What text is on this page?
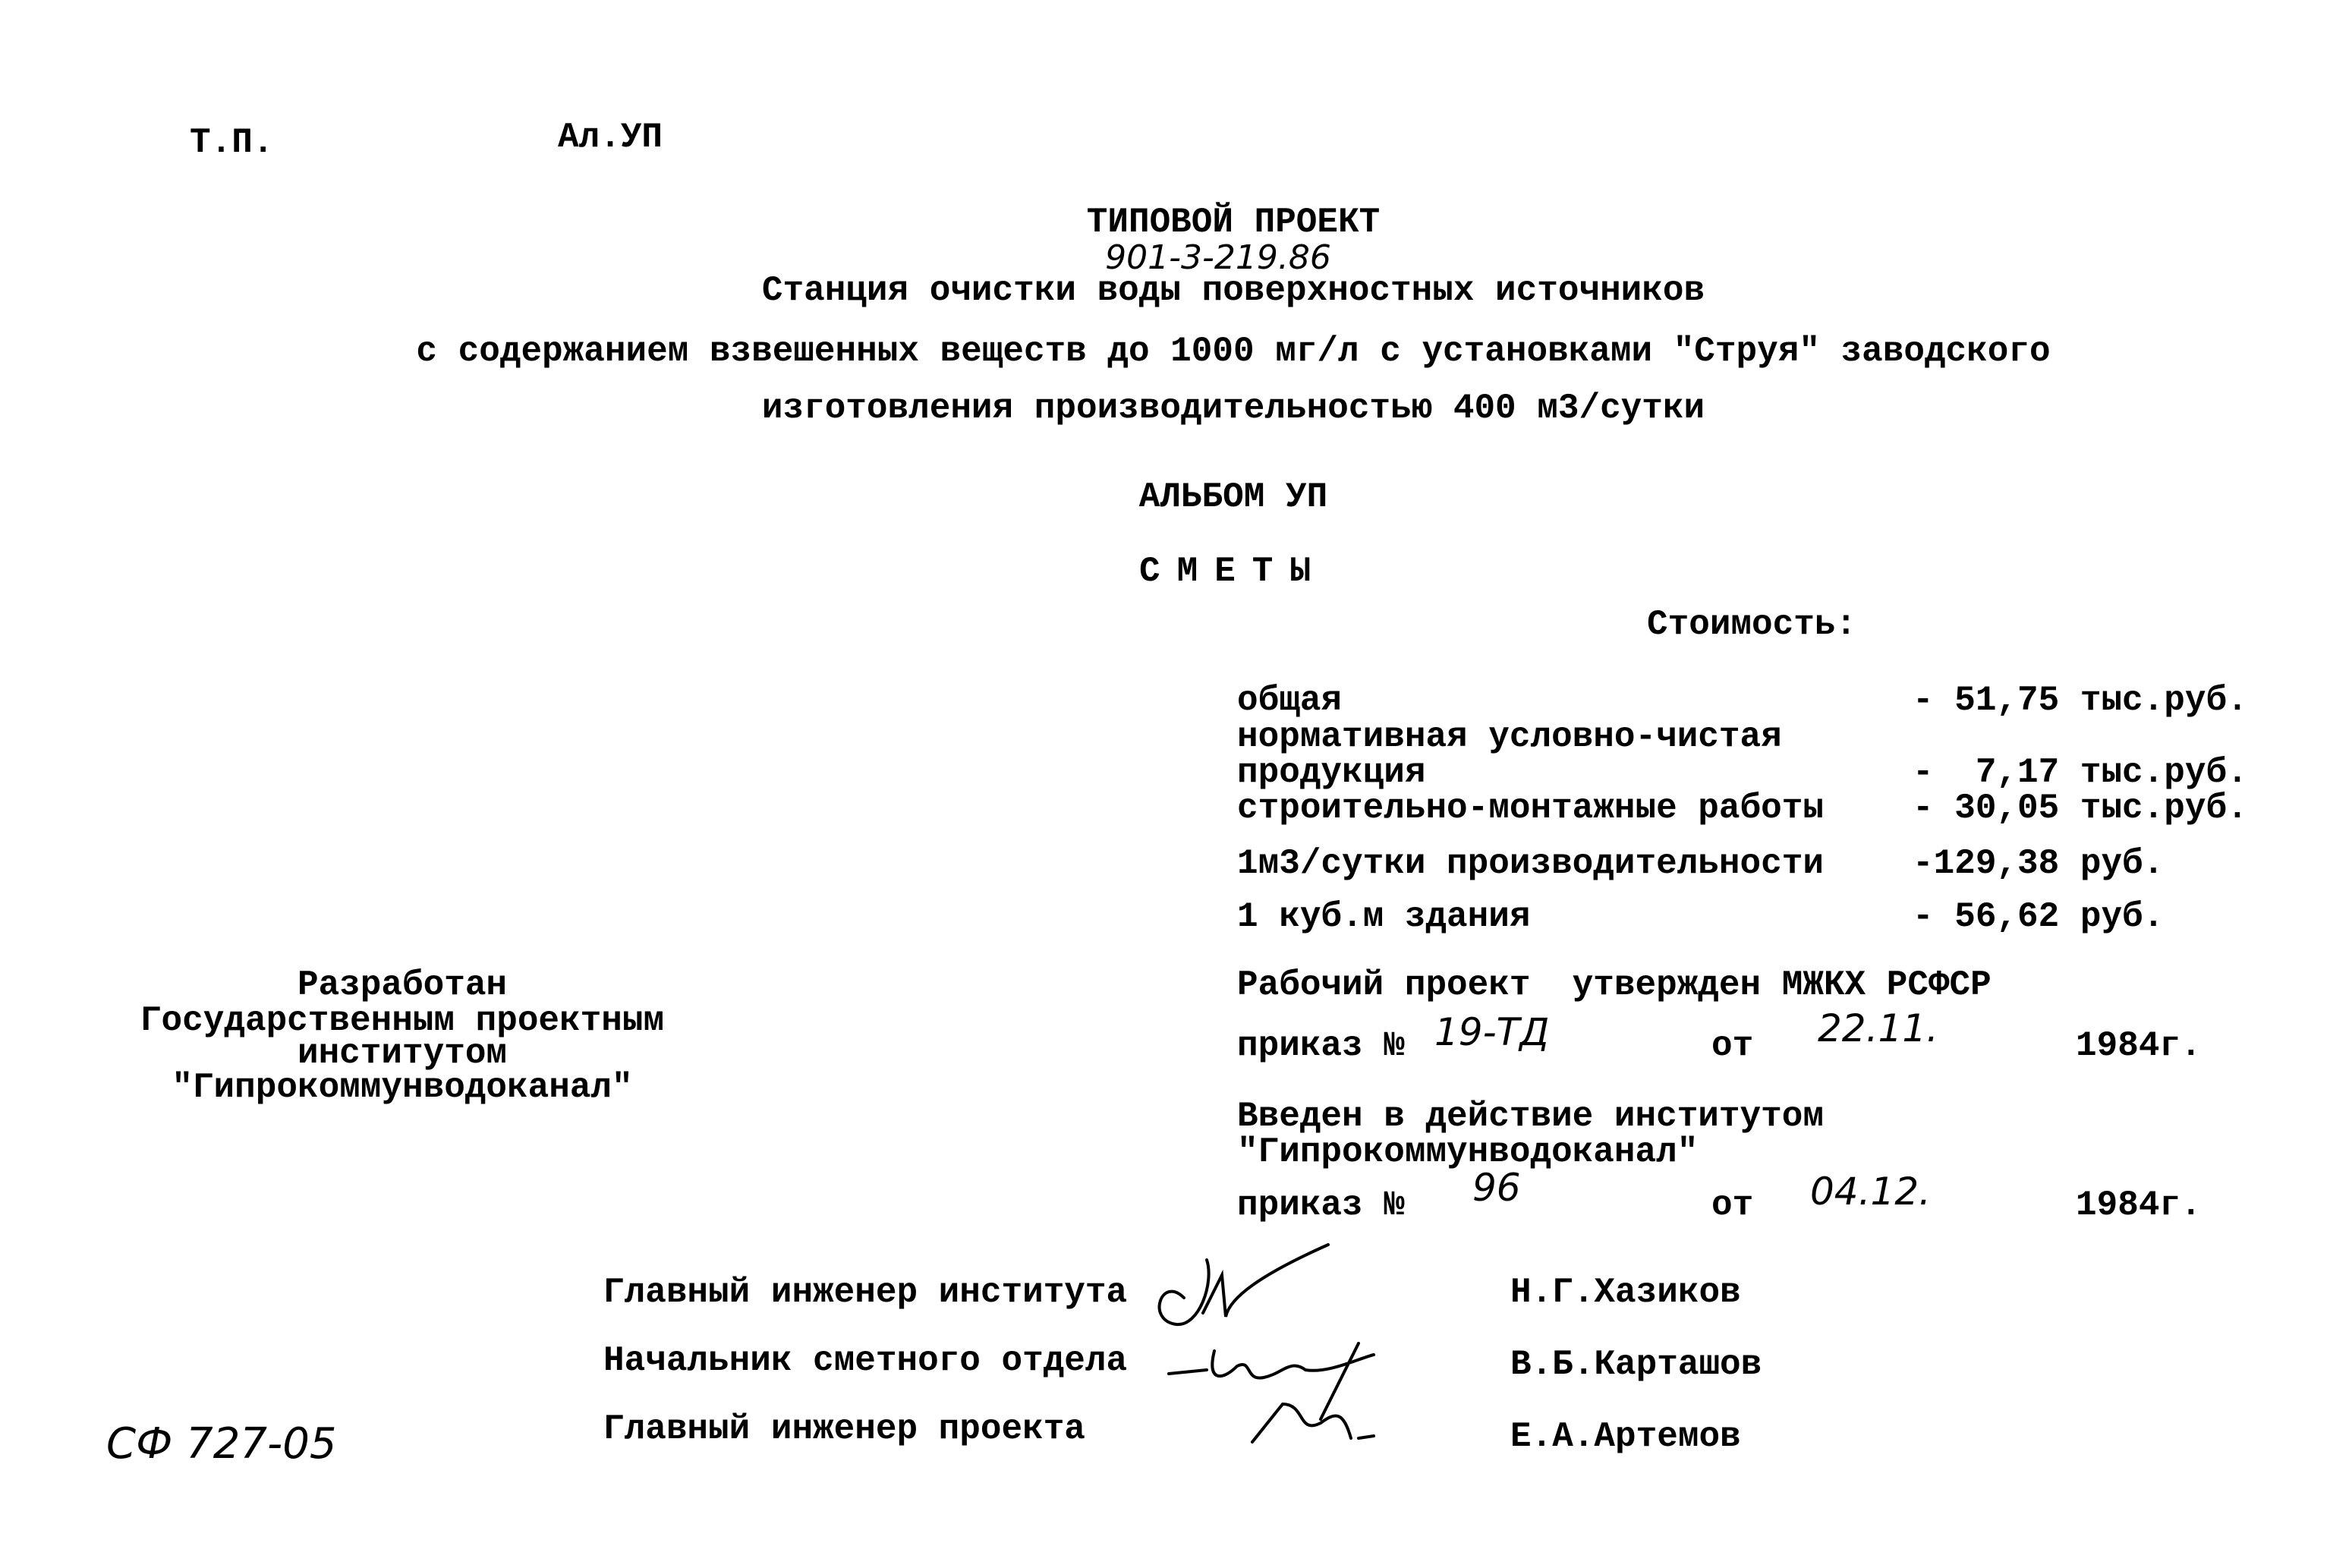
Т.П.	Ал.УП
ТИПОВОЙ ПРОЕКТ
901-3-219.86
Станция очистки воды поверхностных источников
с содержанием взвешенных веществ до 1000 мг/л с установками "Струя" заводского
изготовления производительностью 400 м3/сутки
АЛЬБОМ УП
СМЕТЫ
Стоимость:
общая	- 51,75 тыс.руб.
нормативная условно-чистая
продукция	-  7,17 тыс.руб.
строительно-монтажные работы	- 30,05 тыс.руб.
1м3/сутки производительности	-129,38 руб.
1 куб.м здания	- 56,62 руб.
Рабочий проект  утвержден МЖКХ РСФСР
приказ № 19-ТД	от 22.11.	1984г.
Введен в действие институтом
"Гипрокоммунводоканал"
приказ № 96	от 04.12.	1984г.
Разработан
Государственным проектным
институтом
"Гипрокоммунводоканал"
Главный инженер института	Н.Г.Хазиков
Начальник сметного отдела	В.Б.Карташов
Главный инженер проекта	Е.А.Артемов
СФ 727-05
